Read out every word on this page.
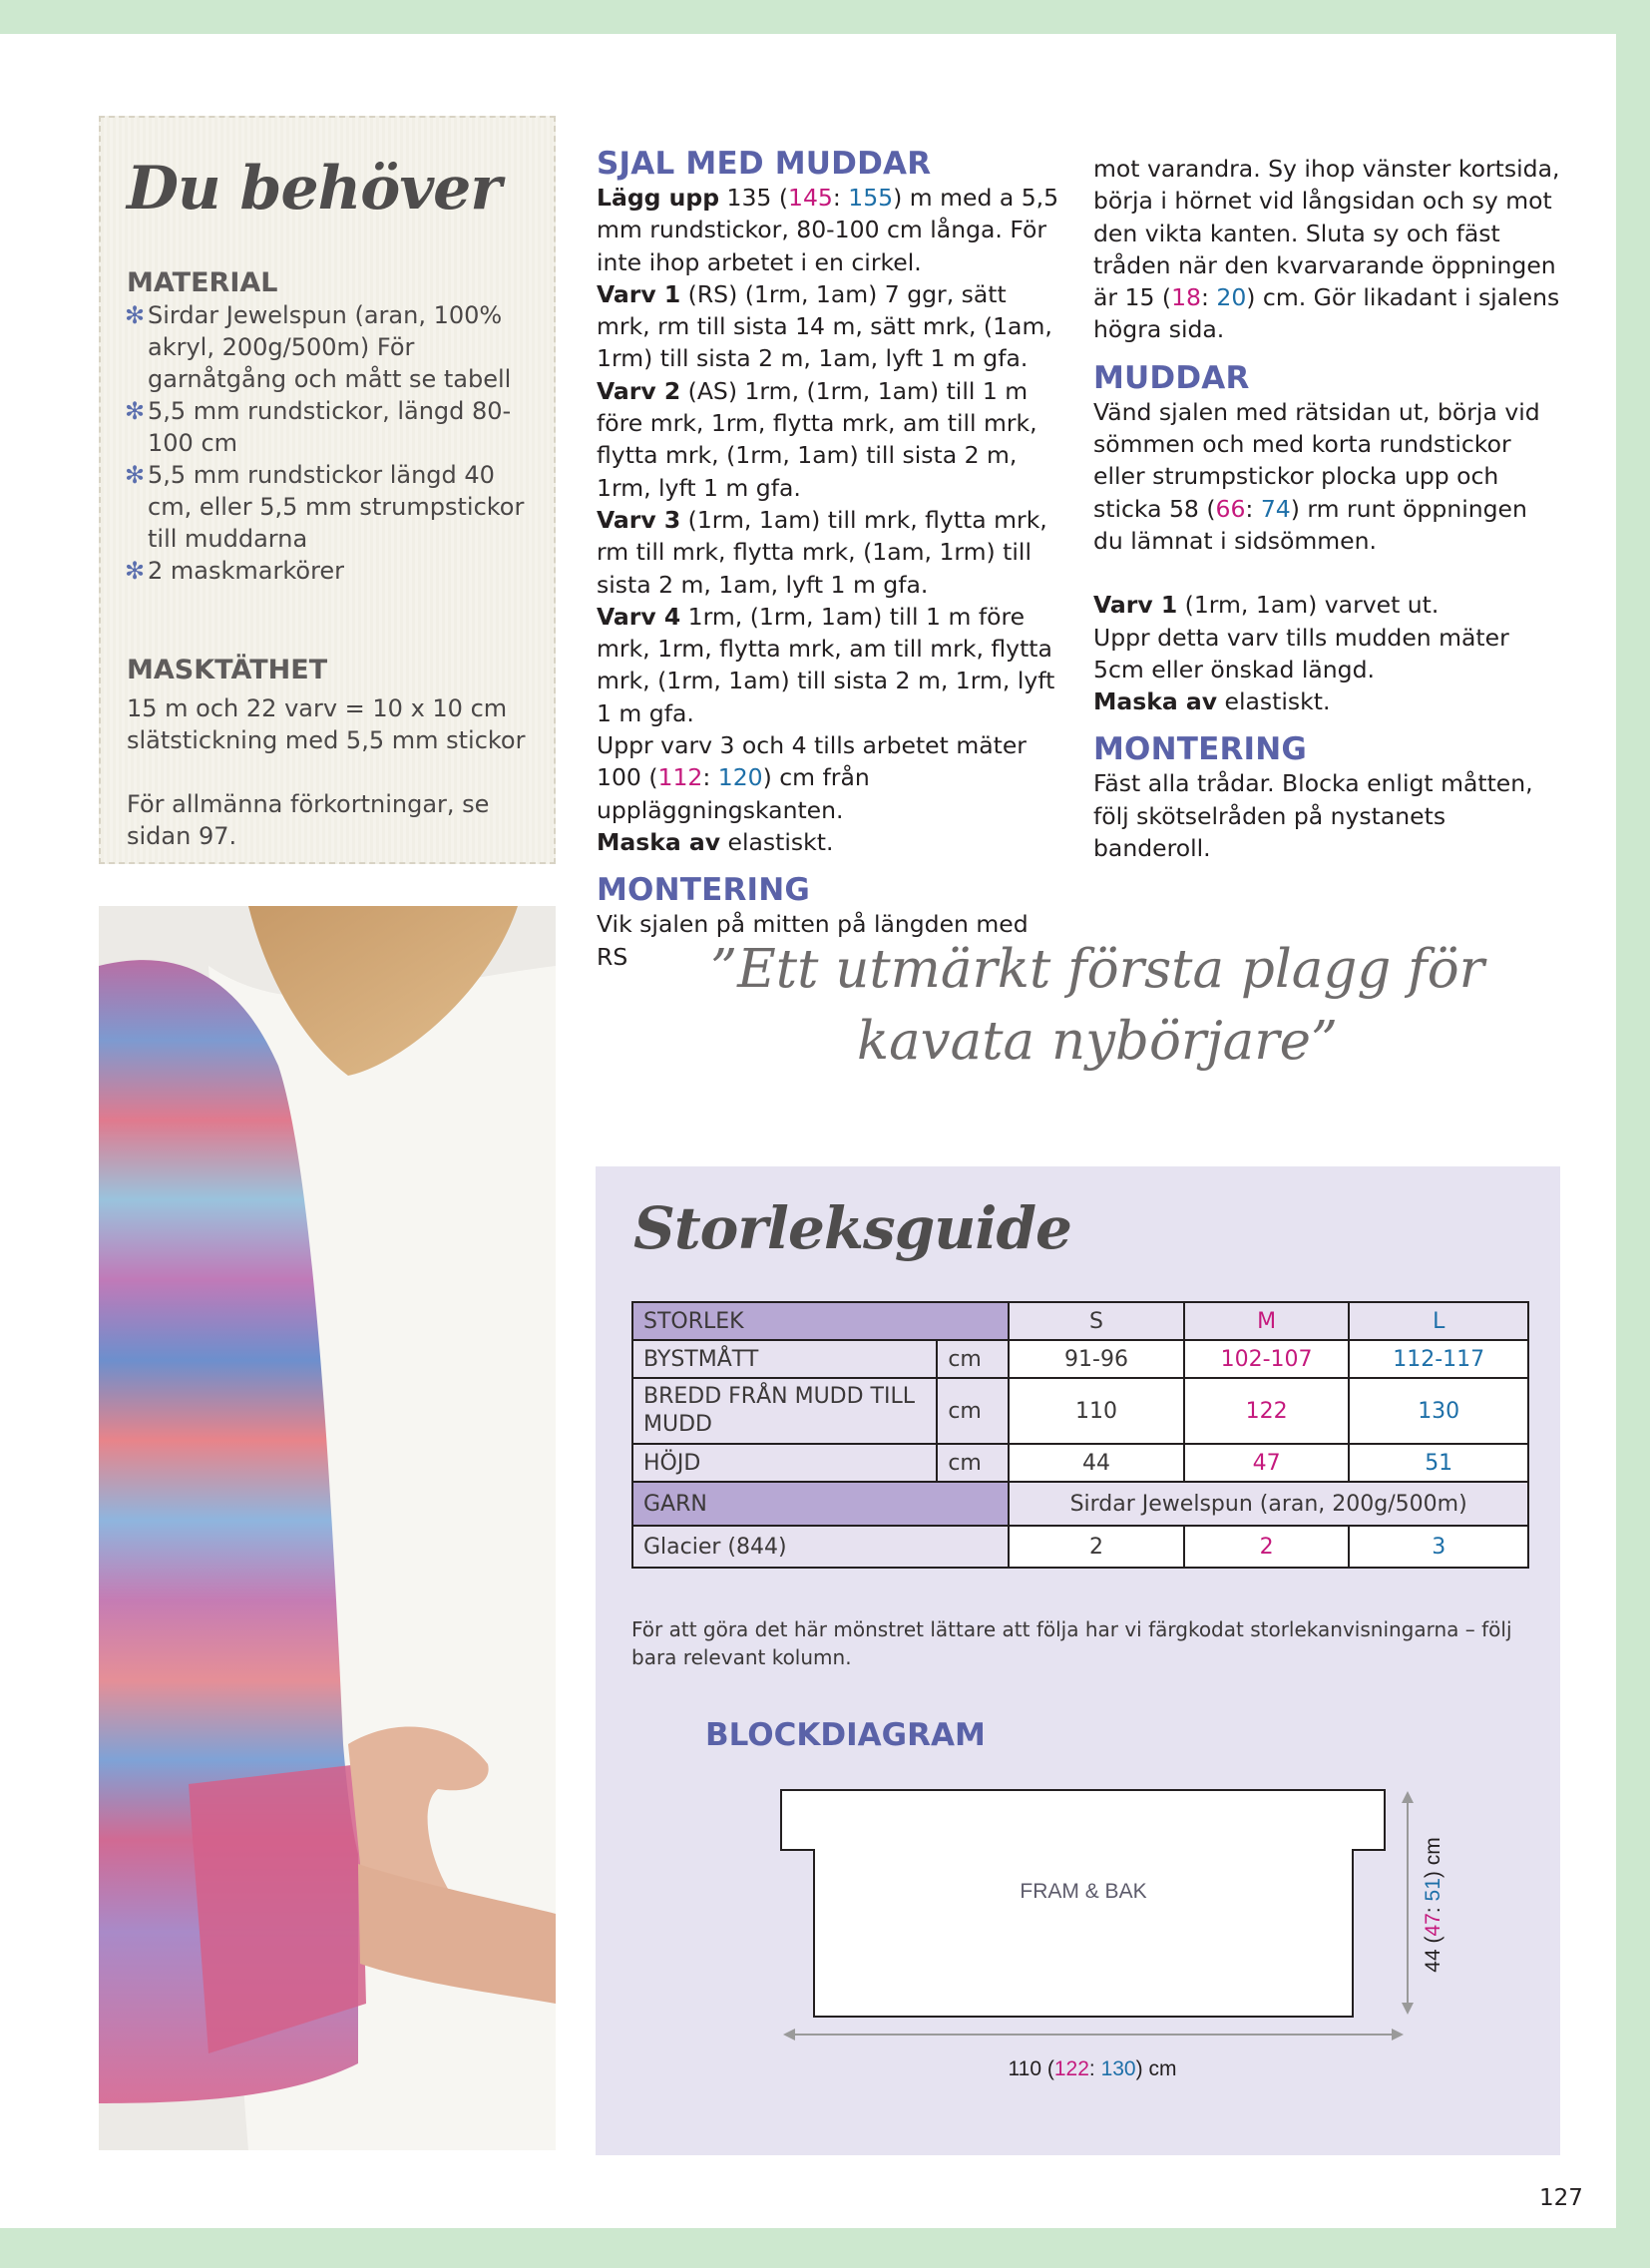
Du behöver
MATERIAL
✻ Sirdar Jewelspun (aran, 100% akryl, 200g/500m) För garnåtgång och mått se tabell
✻ 5,5 mm rundstickor, längd 80-100 cm
✻ 5,5 mm rundstickor längd 40 cm, eller 5,5 mm strumpstickor till muddarna
✻ 2 maskmarkörer
MASKTÄTHET
15 m och 22 varv = 10 x 10 cm slätstickning med 5,5 mm stickor
För allmänna förkortningar, se sidan 97.
SJAL MED MUDDAR
Lägg upp 135 (145: 155) m med a 5,5 mm rundstickor, 80-100 cm långa. För inte ihop arbetet i en cirkel.
Varv 1 (RS) (1rm, 1am) 7 ggr, sätt mrk, rm till sista 14 m, sätt mrk, (1am, 1rm) till sista 2 m, 1am, lyft 1 m gfa.
Varv 2 (AS) 1rm, (1rm, 1am) till 1 m före mrk, 1rm, flytta mrk, am till mrk, flytta mrk, (1rm, 1am) till sista 2 m, 1rm, lyft 1 m gfa.
Varv 3 (1rm, 1am) till mrk, flytta mrk, rm till mrk, flytta mrk, (1am, 1rm) till sista 2 m, 1am, lyft 1 m gfa.
Varv 4 1rm, (1rm, 1am) till 1 m före mrk, 1rm, flytta mrk, am till mrk, flytta mrk, (1rm, 1am) till sista 2 m, 1rm, lyft 1 m gfa.
Uppr varv 3 och 4 tills arbetet mäter 100 (112: 120) cm från uppläggningskanten.
Maska av elastiskt.
MONTERING
Vik sjalen på mitten på längden med RS
mot varandra. Sy ihop vänster kortsida, börja i hörnet vid långsidan och sy mot den vikta kanten. Sluta sy och fäst tråden när den kvarvarande öppningen är 15 (18: 20) cm. Gör likadant i sjalens högra sida.
MUDDAR
Vänd sjalen med rätsidan ut, börja vid sömmen och med korta rundstickor eller strumpstickor plocka upp och sticka 58 (66: 74) rm runt öppningen du lämnat i sidsömmen.
Varv 1 (1rm, 1am) varvet ut.
Uppr detta varv tills mudden mäter 5cm eller önskad längd.
Maska av elastiskt.
MONTERING
Fäst alla trådar. Blocka enligt måtten, följ skötselråden på nystanets banderoll.
”Ett utmärkt första plagg för
kavata nybörjare”
Storleksguide
STORLEK		S	M	L
BYSTMÅTT	cm	91-96	102-107	112-117
BREDD FRÅN MUDD TILL MUDD	cm	110	122	130
HÖJD	cm	44	47	51
GARN		Sirdar Jewelspun (aran, 200g/500m)		
Glacier (844)		2	2	3
För att göra det här mönstret lättare att följa har vi färgkodat storlekanvisningarna – följ bara relevant kolumn.
BLOCKDIAGRAM
FRAM & BAK
110 (122: 130) cm
44 (47: 51) cm
127
